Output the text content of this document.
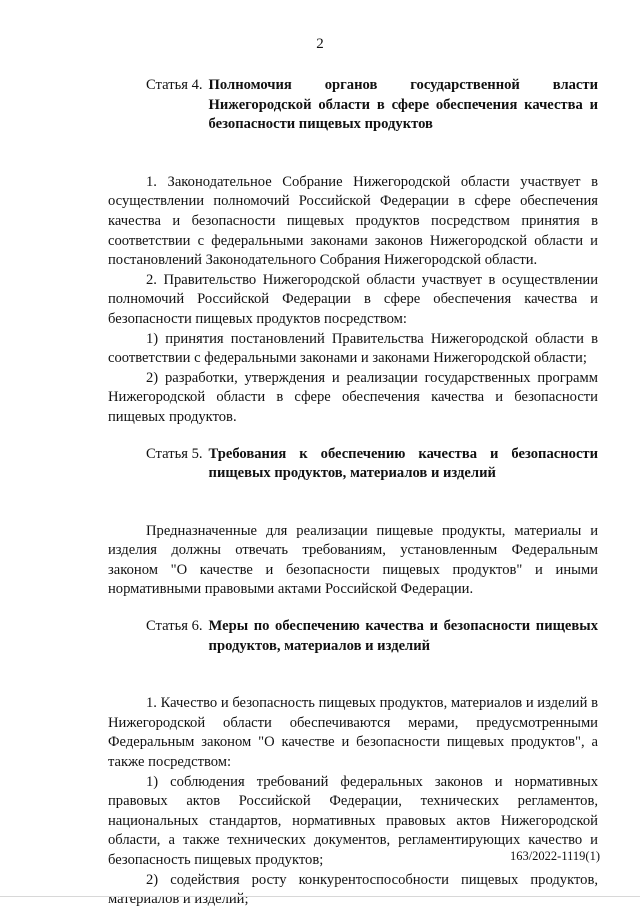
2
Статья 4. Полномочия органов государственной власти Нижегородской области в сфере обеспечения качества и безопасности пищевых продуктов

1. Законодательное Собрание Нижегородской области участвует в осуществлении полномочий Российской Федерации в сфере обеспечения качества и безопасности пищевых продуктов посредством принятия в соответствии с федеральными законами законов Нижегородской области и постановлений Законодательного Собрания Нижегородской области.

2. Правительство Нижегородской области участвует в осуществлении полномочий Российской Федерации в сфере обеспечения качества и безопасности пищевых продуктов посредством:

1) принятия постановлений Правительства Нижегородской области в соответствии с федеральными законами и законами Нижегородской области;

2) разработки, утверждения и реализации государственных программ Нижегородской области в сфере обеспечения качества и безопасности пищевых продуктов.

Статья 5. Требования к обеспечению качества и безопасности пищевых продуктов, материалов и изделий

Предназначенные для реализации пищевые продукты, материалы и изделия должны отвечать требованиям, установленным Федеральным законом "О качестве и безопасности пищевых продуктов" и иными нормативными правовыми актами Российской Федерации.

Статья 6. Меры по обеспечению качества и безопасности пищевых продуктов, материалов и изделий

1. Качество и безопасность пищевых продуктов, материалов и изделий в Нижегородской области обеспечиваются мерами, предусмотренными Федеральным законом "О качестве и безопасности пищевых продуктов", а также посредством:

1) соблюдения требований федеральных законов и нормативных правовых актов Российской Федерации, технических регламентов, национальных стандартов, нормативных правовых актов Нижегородской области, а также технических документов, регламентирующих качество и безопасность пищевых продуктов;

2) содействия росту конкурентоспособности пищевых продуктов, материалов и изделий;

163/2022-1119(1)
